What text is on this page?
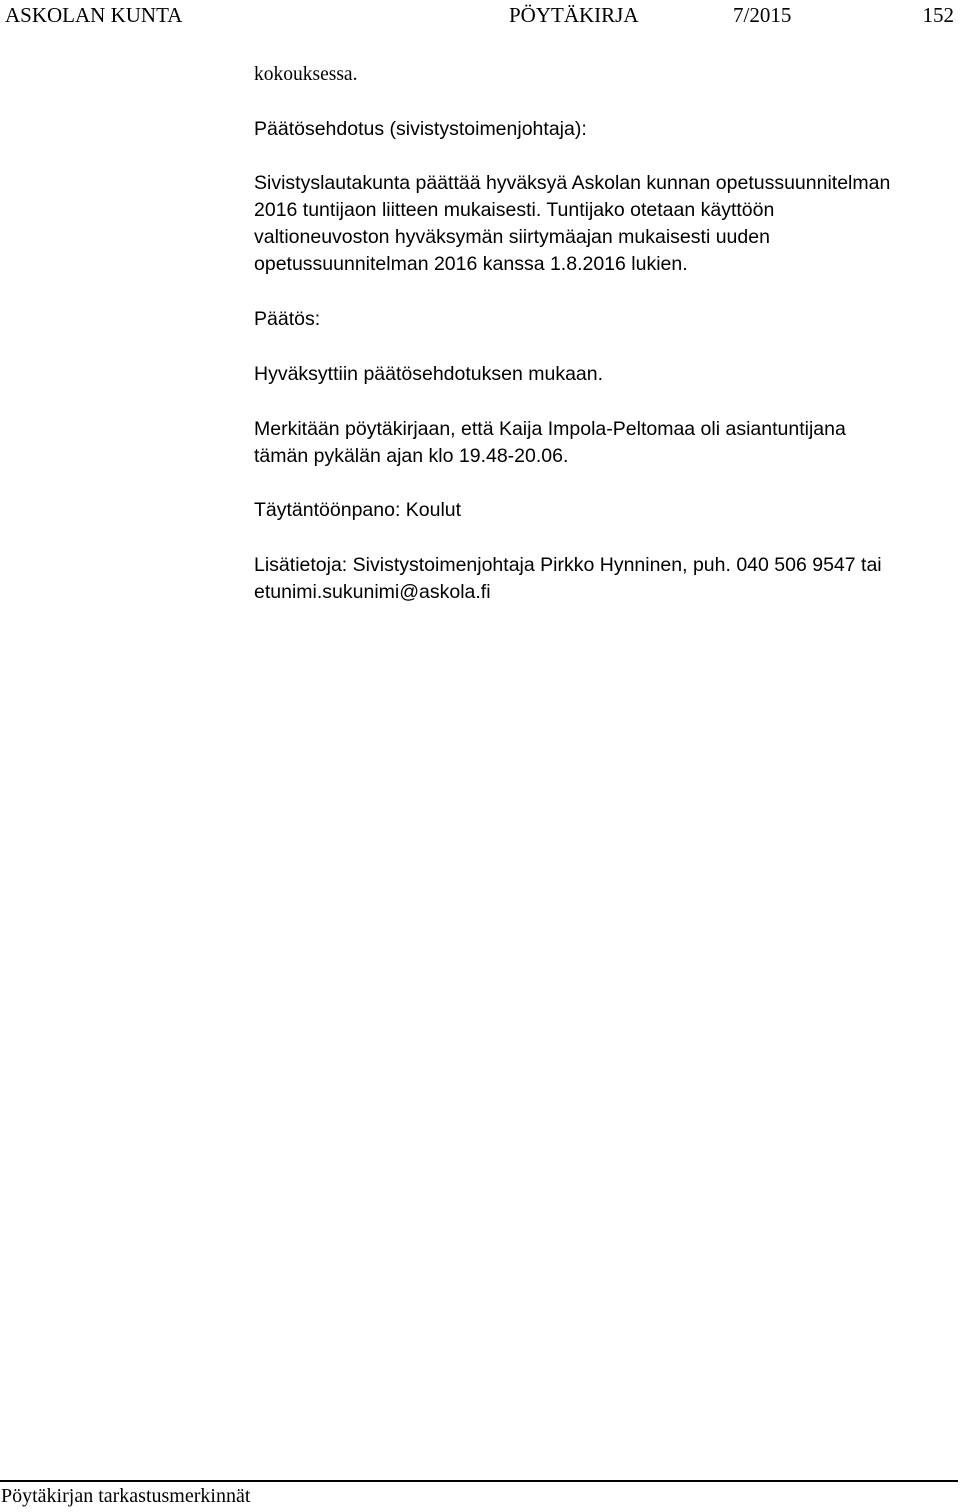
ASKOLAN KUNTA	PÖYTÄKIRJA	7/2015	152
kokouksessa.
Päätösehdotus (sivistystoimenjohtaja):
Sivistyslautakunta päättää hyväksyä Askolan kunnan opetussuunnitelman
2016 tuntijaon liitteen mukaisesti. Tuntijako otetaan käyttöön
valtioneuvoston hyväksymän siirtymäajan mukaisesti uuden
opetussuunnitelman 2016 kanssa 1.8.2016 lukien.
Päätös:
Hyväksyttiin päätösehdotuksen mukaan.
Merkitään pöytäkirjaan, että Kaija Impola-Peltomaa oli asiantuntijana
tämän pykälän ajan klo 19.48-20.06.
Täytäntöönpano: Koulut
Lisätietoja: Sivistystoimenjohtaja Pirkko Hynninen, puh. 040 506 9547 tai
etunimi.sukunimi@askola.fi
Pöytäkirjan tarkastusmerkinnät
